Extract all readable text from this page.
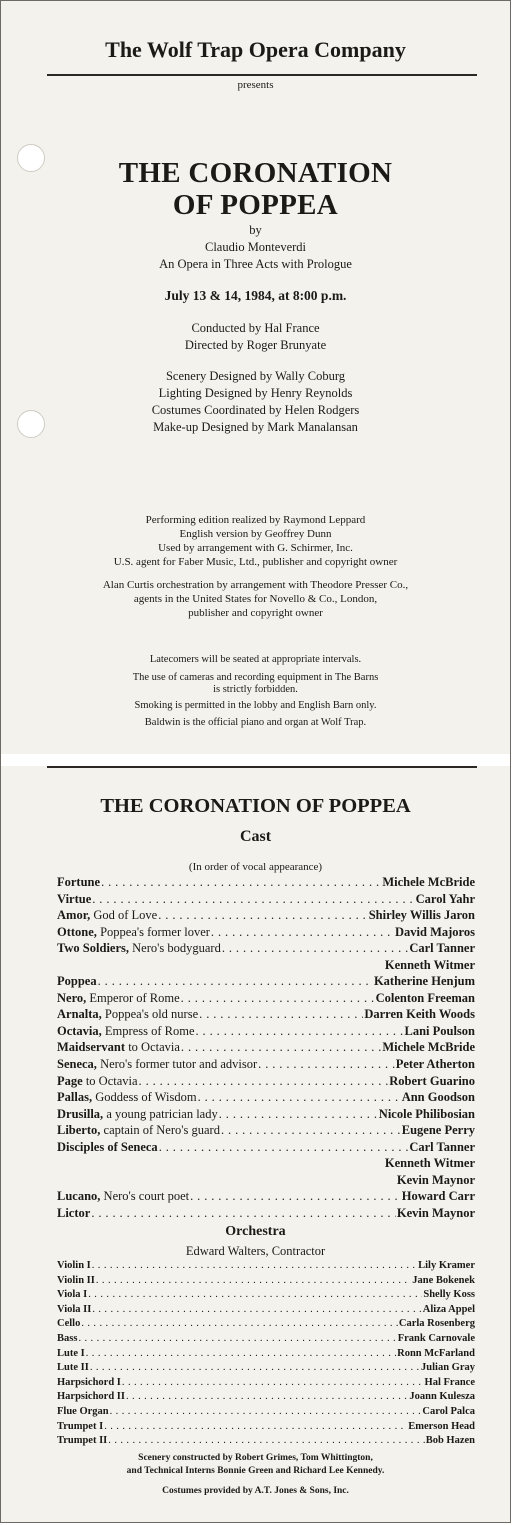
The Wolf Trap Opera Company
presents
THE CORONATION
OF POPPEA
by
Claudio Monteverdi
An Opera in Three Acts with Prologue
July 13 & 14, 1984, at 8:00 p.m.
Conducted by Hal France
Directed by Roger Brunyate
Scenery Designed by Wally Coburg
Lighting Designed by Henry Reynolds
Costumes Coordinated by Helen Rodgers
Make-up Designed by Mark Manalansan
Performing edition realized by Raymond Leppard
English version by Geoffrey Dunn
Used by arrangement with G. Schirmer, Inc.
U.S. agent for Faber Music, Ltd., publisher and copyright owner
Alan Curtis orchestration by arrangement with Theodore Presser Co.,
agents in the United States for Novello & Co., London,
publisher and copyright owner
Latecomers will be seated at appropriate intervals.
The use of cameras and recording equipment in The Barns
is strictly forbidden.
Smoking is permitted in the lobby and English Barn only.
Baldwin is the official piano and organ at Wolf Trap.
THE CORONATION OF POPPEA
Cast
(In order of vocal appearance)
Fortune . . .	Michele McBride
Virtue . . .	Carol Yahr
Amor, God of Love . . .	Shirley Willis Jaron
Ottone, Poppea's former lover . . .	David Majoros
Two Soldiers, Nero's bodyguard . . .	Carl Tanner
Kenneth Witmer
Poppea . . .	Katherine Henjum
Nero, Emperor of Rome . . .	Colenton Freeman
Arnalta, Poppea's old nurse . . .	Darren Keith Woods
Octavia, Empress of Rome . . .	Lani Poulson
Maidservant to Octavia . . .	Michele McBride
Seneca, Nero's former tutor and advisor . . .	Peter Atherton
Page to Octavia . . .	Robert Guarino
Pallas, Goddess of Wisdom . . .	Ann Goodson
Drusilla, a young patrician lady . . .	Nicole Philibosian
Liberto, captain of Nero's guard . . .	Eugene Perry
Disciples of Seneca . . .	Carl Tanner
Kenneth Witmer
Kevin Maynor
Lucano, Nero's court poet . . .	Howard Carr
Lictor . . .	Kevin Maynor
Orchestra
Edward Walters, Contractor
Violin I . . .	Lily Kramer
Violin II . . .	Jane Bokenek
Viola I . . .	Shelly Koss
Viola II . . .	Aliza Appel
Cello . . .	Carla Rosenberg
Bass . . .	Frank Carnovale
Lute I . . .	Ronn McFarland
Lute II . . .	Julian Gray
Harpsichord I . . .	Hal France
Harpsichord II . . .	Joann Kulesza
Flue Organ . . .	Carol Palca
Trumpet I . . .	Emerson Head
Trumpet II . . .	Bob Hazen
Scenery constructed by Robert Grimes, Tom Whittington,
and Technical Interns Bonnie Green and Richard Lee Kennedy.
Costumes provided by A.T. Jones & Sons, Inc.
